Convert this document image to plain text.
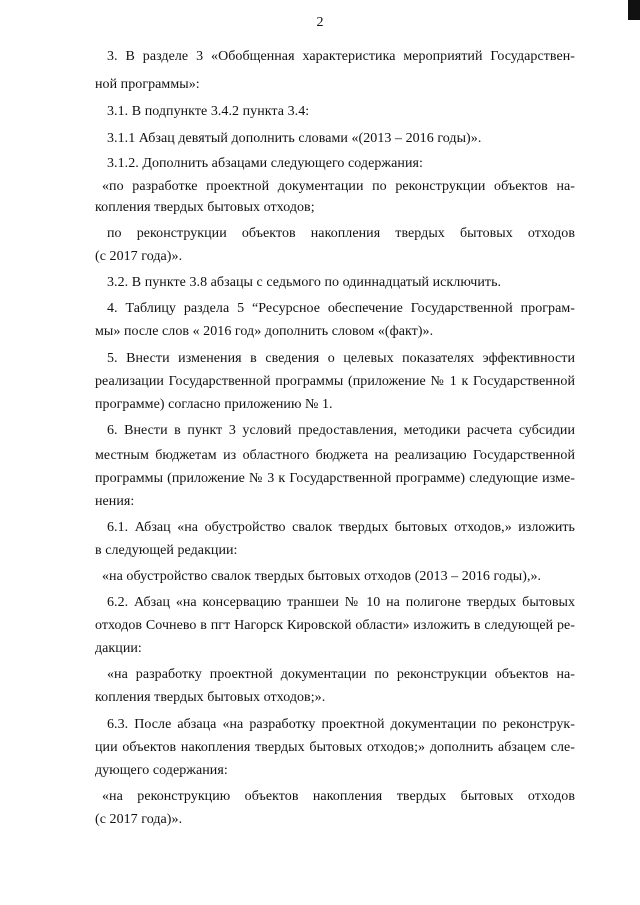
2
3. В разделе 3 «Обобщенная характеристика мероприятий Государствен-
ной программы»:
3.1. В подпункте 3.4.2 пункта 3.4:
3.1.1 Абзац девятый дополнить словами «(2013 – 2016 годы)».
3.1.2. Дополнить абзацами следующего содержания:
«по разработке проектной документации по реконструкции объектов на-
копления твердых бытовых отходов;
по реконструкции объектов накопления твердых бытовых отходов
(с 2017 года)».
3.2. В пункте 3.8 абзацы с седьмого по одиннадцатый исключить.
4. Таблицу раздела 5 “Ресурсное обеспечение Государственной програм-
мы» после слов « 2016 год» дополнить словом «(факт)».
5. Внести изменения в сведения о целевых показателях эффективности
реализации Государственной программы (приложение № 1 к Государственной
программе) согласно приложению № 1.
6. Внести в пункт 3 условий предоставления, методики расчета субсидии
местным бюджетам из областного бюджета на реализацию Государственной
программы (приложение № 3 к Государственной программе) следующие изме-
нения:
6.1. Абзац «на обустройство свалок твердых бытовых отходов,» изложить
в следующей редакции:
«на обустройство свалок твердых бытовых отходов (2013 – 2016 годы),».
6.2. Абзац «на консервацию траншеи № 10 на полигоне твердых бытовых
отходов Сочнево в пгт Нагорск Кировской области» изложить в следующей ре-
дакции:
«на разработку проектной документации по реконструкции объектов на-
копления твердых бытовых отходов;».
6.3. После абзаца «на разработку проектной документации по реконструк-
ции объектов накопления твердых бытовых отходов;» дополнить абзацем сле-
дующего содержания:
«на реконструкцию объектов накопления твердых бытовых отходов
(с 2017 года)».
